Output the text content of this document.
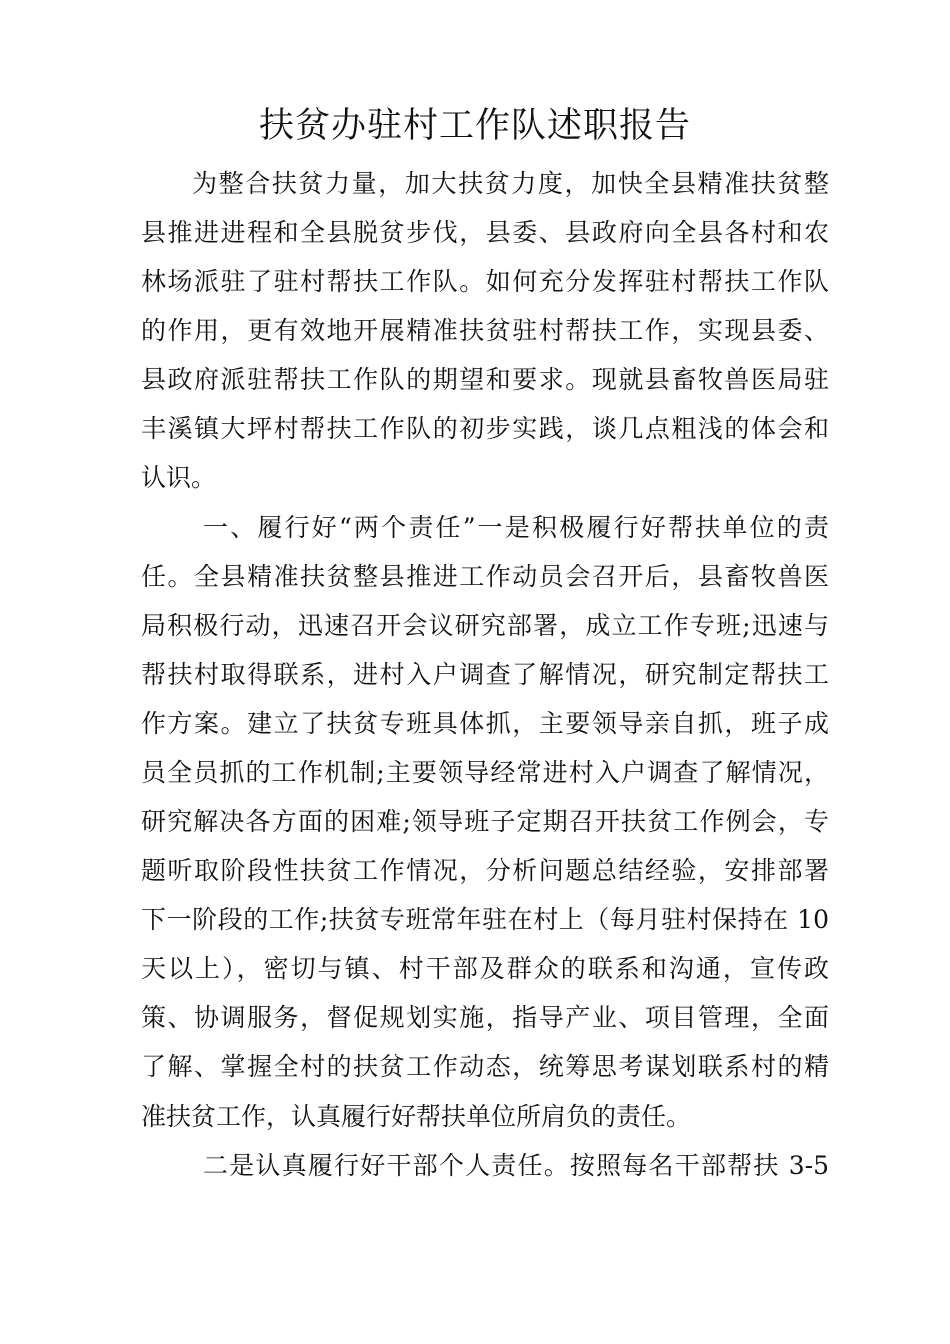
扶贫办驻村工作队述职报告
为整合扶贫力量，加大扶贫力度，加快全县精准扶贫整
县推进进程和全县脱贫步伐，县委、县政府向全县各村和农
林场派驻了驻村帮扶工作队。如何充分发挥驻村帮扶工作队
的作用，更有效地开展精准扶贫驻村帮扶工作，实现县委、
县政府派驻帮扶工作队的期望和要求。现就县畜牧兽医局驻
丰溪镇大坪村帮扶工作队的初步实践，谈几点粗浅的体会和
认识。
一、履行好“两个责任”一是积极履行好帮扶单位的责
任。全县精准扶贫整县推进工作动员会召开后，县畜牧兽医
局积极行动，迅速召开会议研究部署，成立工作专班;迅速与
帮扶村取得联系，进村入户调查了解情况，研究制定帮扶工
作方案。建立了扶贫专班具体抓，主要领导亲自抓，班子成
员全员抓的工作机制;主要领导经常进村入户调查了解情况，
研究解决各方面的困难;领导班子定期召开扶贫工作例会，专
题听取阶段性扶贫工作情况，分析问题总结经验，安排部署
下一阶段的工作;扶贫专班常年驻在村上（每月驻村保持在 10
天以上），密切与镇、村干部及群众的联系和沟通，宣传政
策、协调服务，督促规划实施，指导产业、项目管理，全面
了解、掌握全村的扶贫工作动态，统筹思考谋划联系村的精
准扶贫工作，认真履行好帮扶单位所肩负的责任。
二是认真履行好干部个人责任。按照每名干部帮扶 3-5
